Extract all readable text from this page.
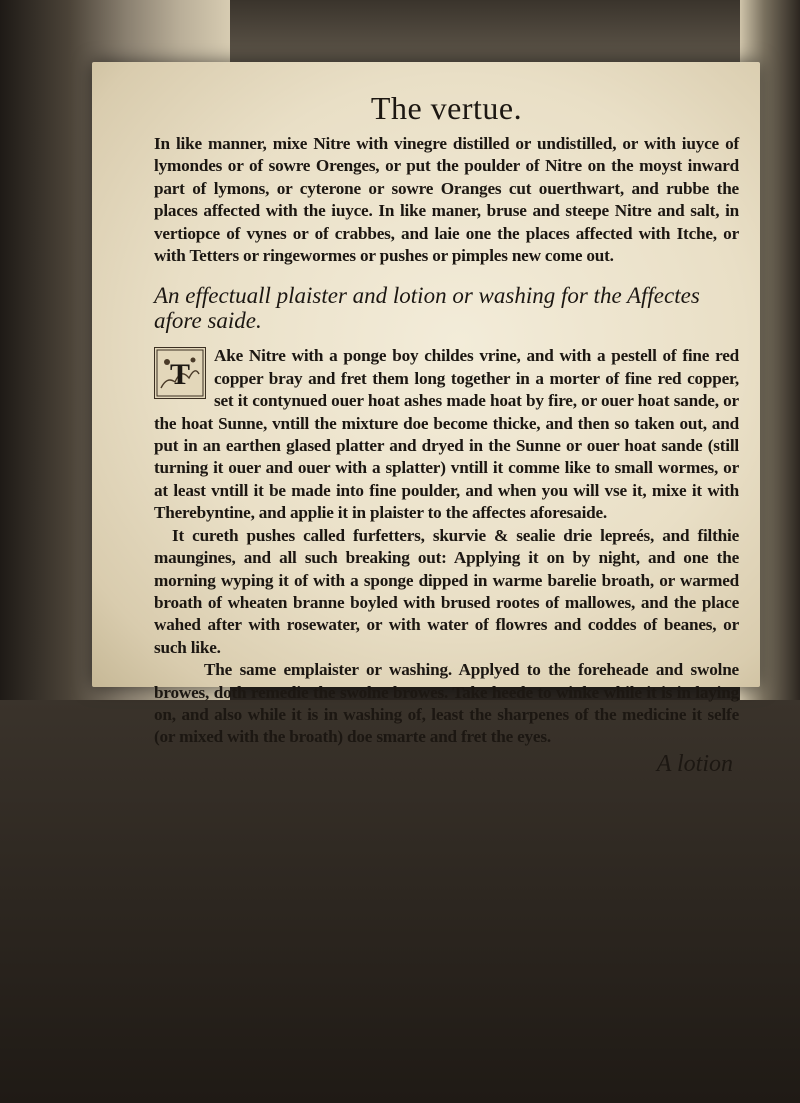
The vertue.

In like manner, mixe Nitre with vinegre distilled or undistilled, or with iuyce of lymondes or of sowre Orenges, or put the poulder of Nitre on the moyst inward part of lymons, or cyterone or sowre Oranges cut ouerthwart, and rubbe the places affected with the iuyce. In like maner, bruse and steepe Nitre and salt, in vertiopce of vynes or of crabbes, and laie one the places affected with Itche, or with Tetters or ringewormes or pushes or pimples new come out.

An effectuall plaister and lotion or washing for the Affectes afore saide.
T

Ake Nitre with a ponge boy childes vrine, and with a pestell of fine red copper bray and fret them long together in a morter of fine red copper, set it contynued ouer hoat ashes made hoat by fire, or ouer hoat sande, or the hoat Sunne, vntill the mixture doe become thicke, and then so taken out, and put in an earthen glased platter and dryed in the Sunne or ouer hoat sande (still turning it ouer and ouer with a splatter) vntill it comme like to small wormes, or at least vntill it be made into fine poulder, and when you will vse it, mixe it with Therebyntine, and applie it in plaister to the affectes aforesaide.

It cureth pushes called furfetters, skurvie & sealie drie lepreés, and filthie maungines, and all such breaking out: Applying it on by night, and one the morning wyping it of with a sponge dipped in warme barelie broath, or warmed broath of wheaten branne boyled with brused rootes of mallowes, and the place wahed after with rosewater, or with water of flowres and coddes of beanes, or such like.

The same emplaister or washing. Applyed to the foreheade and swolne browes, doth remedie the swolne browes. Take heede to winke while it is in laying on, and also while it is in washing of, least the sharpenes of the medicine it selfe (or mixed with the broath) doe smarte and fret the eyes.

A lotion
